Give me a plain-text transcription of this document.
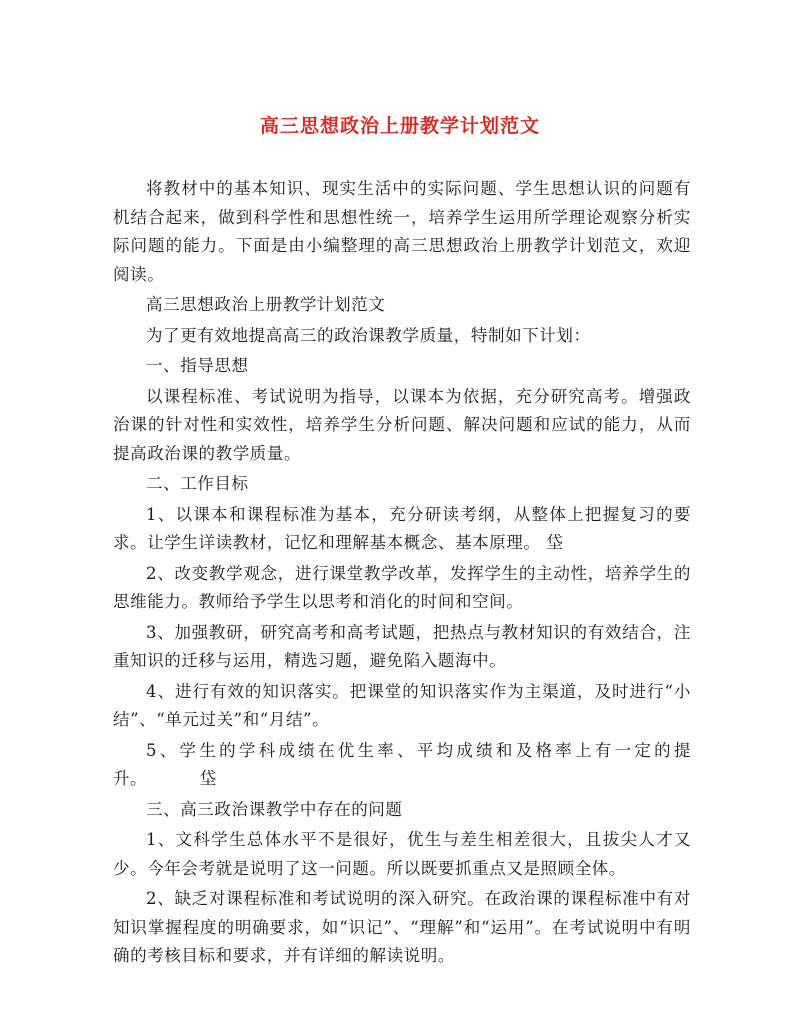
高三思想政治上册教学计划范文

将教材中的基本知识、现实生活中的实际问题、学生思想认识的问题有机结合起来，做到科学性和思想性统一，培养学生运用所学理论观察分析实际问题的能力。下面是由小编整理的高三思想政治上册教学计划范文，欢迎阅读。

高三思想政治上册教学计划范文

为了更有效地提高高三的政治课教学质量，特制如下计划：

一、指导思想

以课程标准、考试说明为指导，以课本为依据，充分研究高考。增强政治课的针对性和实效性，培养学生分析问题、解决问题和应试的能力，从而提高政治课的教学质量。

二、工作目标

1、以课本和课程标准为基本，充分研读考纲，从整体上把握复习的要求。让学生详读教材，记忆和理解基本概念、基本原理。 垈

2、改变教学观念，进行课堂教学改革，发挥学生的主动性，培养学生的思维能力。教师给予学生以思考和消化的时间和空间。

3、加强教研，研究高考和高考试题，把热点与教材知识的有效结合，注重知识的迁移与运用，精选习题，避免陷入题海中。

4、进行有效的知识落实。把课堂的知识落实作为主渠道，及时进行“小结”、“单元过关”和“月结”。

5、学生的学科成绩在优生率、平均成绩和及格率上有一定的提升。         垈

三、高三政治课教学中存在的问题

1、文科学生总体水平不是很好，优生与差生相差很大，且拔尖人才又少。今年会考就是说明了这一问题。所以既要抓重点又是照顾全体。

2、缺乏对课程标准和考试说明的深入研究。在政治课的课程标准中有对知识掌握程度的明确要求，如“识记”、“理解”和“运用”。在考试说明中有明确的考核目标和要求，并有详细的解读说明。
